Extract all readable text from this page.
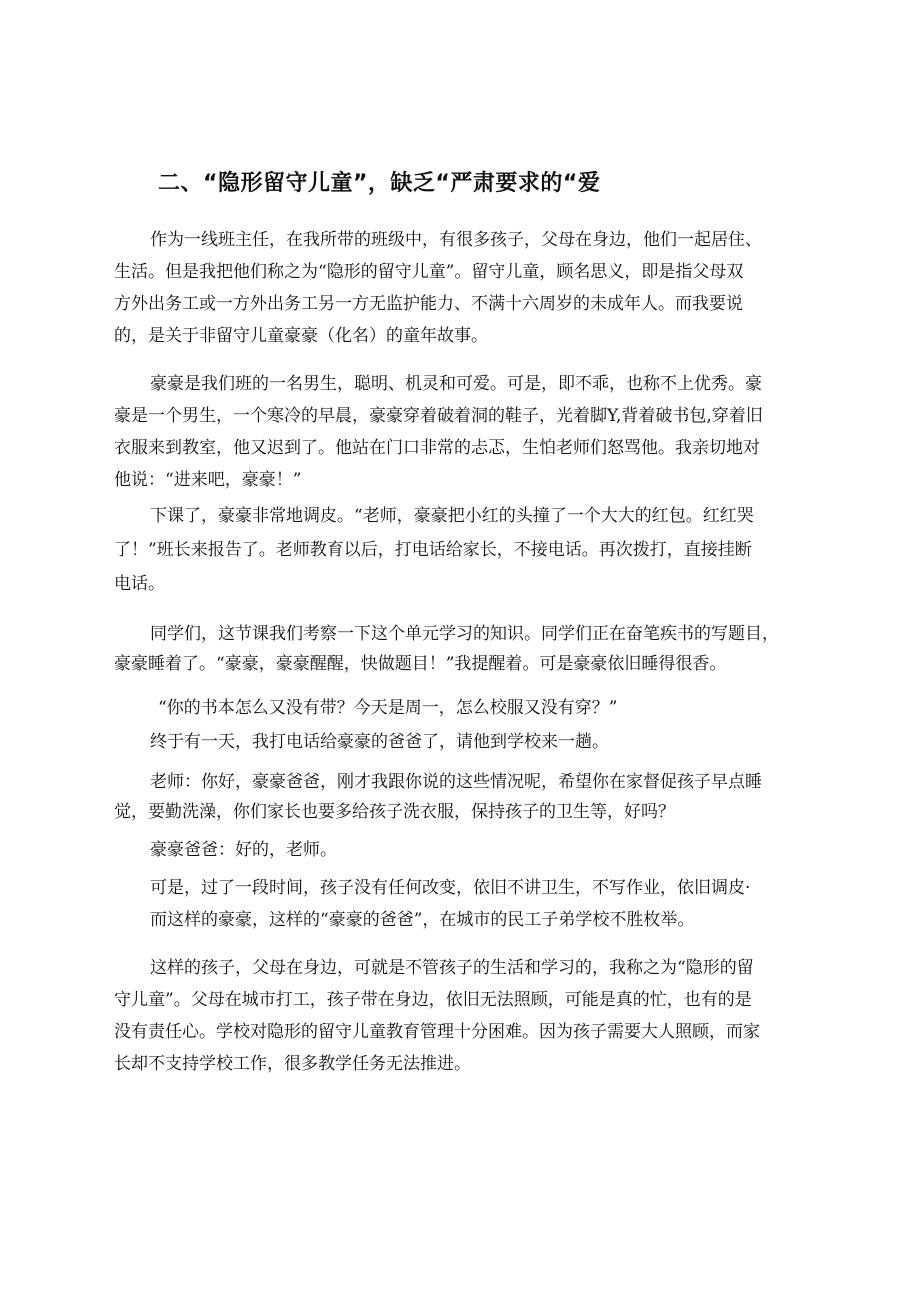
二、“隐形留守儿童”，缺乏“严肃要求的“爱

作为一线班主任，在我所带的班级中，有很多孩子，父母在身边，他们一起居住、

生活。但是我把他们称之为“隐形的留守儿童”。留守儿童，顾名思义，即是指父母双

方外出务工或一方外出务工另一方无监护能力、不满十六周岁的未成年人。而我要说

的，是关于非留守儿童豪豪（化名）的童年故事。

豪豪是我们班的一名男生，聪明、机灵和可爱。可是，即不乖，也称不上优秀。豪

豪是一个男生，一个寒冷的早晨，豪豪穿着破着洞的鞋子，光着脚Y,背着破书包,穿着旧

衣服来到教室，他又迟到了。他站在门口非常的忐忑，生怕老师们怒骂他。我亲切地对

他说：“进来吧，豪豪！”

下课了，豪豪非常地调皮。“老师，豪豪把小红的头撞了一个大大的红包。红红哭

了！”班长来报告了。老师教育以后，打电话给家长，不接电话。再次拨打，直接挂断

电话。

同学们，这节课我们考察一下这个单元学习的知识。同学们正在奋笔疾书的写题目，

豪豪睡着了。“豪豪，豪豪醒醒，快做题目！”我提醒着。可是豪豪依旧睡得很香。

“你的书本怎么又没有带？今天是周一，怎么校服又没有穿？”

终于有一天，我打电话给豪豪的爸爸了，请他到学校来一趟。

老师：你好，豪豪爸爸，刚才我跟你说的这些情况呢，希望你在家督促孩子早点睡

觉，要勤洗澡，你们家长也要多给孩子洗衣服，保持孩子的卫生等，好吗？

豪豪爸爸：好的，老师。

可是，过了一段时间，孩子没有任何改变，依旧不讲卫生，不写作业，依旧调皮·

而这样的豪豪，这样的“豪豪的爸爸”，在城市的民工子弟学校不胜枚举。

这样的孩子，父母在身边，可就是不管孩子的生活和学习的，我称之为“隐形的留

守儿童”。父母在城市打工，孩子带在身边，依旧无法照顾，可能是真的忙，也有的是

没有责任心。学校对隐形的留守儿童教育管理十分困难。因为孩子需要大人照顾，而家

长却不支持学校工作，很多教学任务无法推进。
